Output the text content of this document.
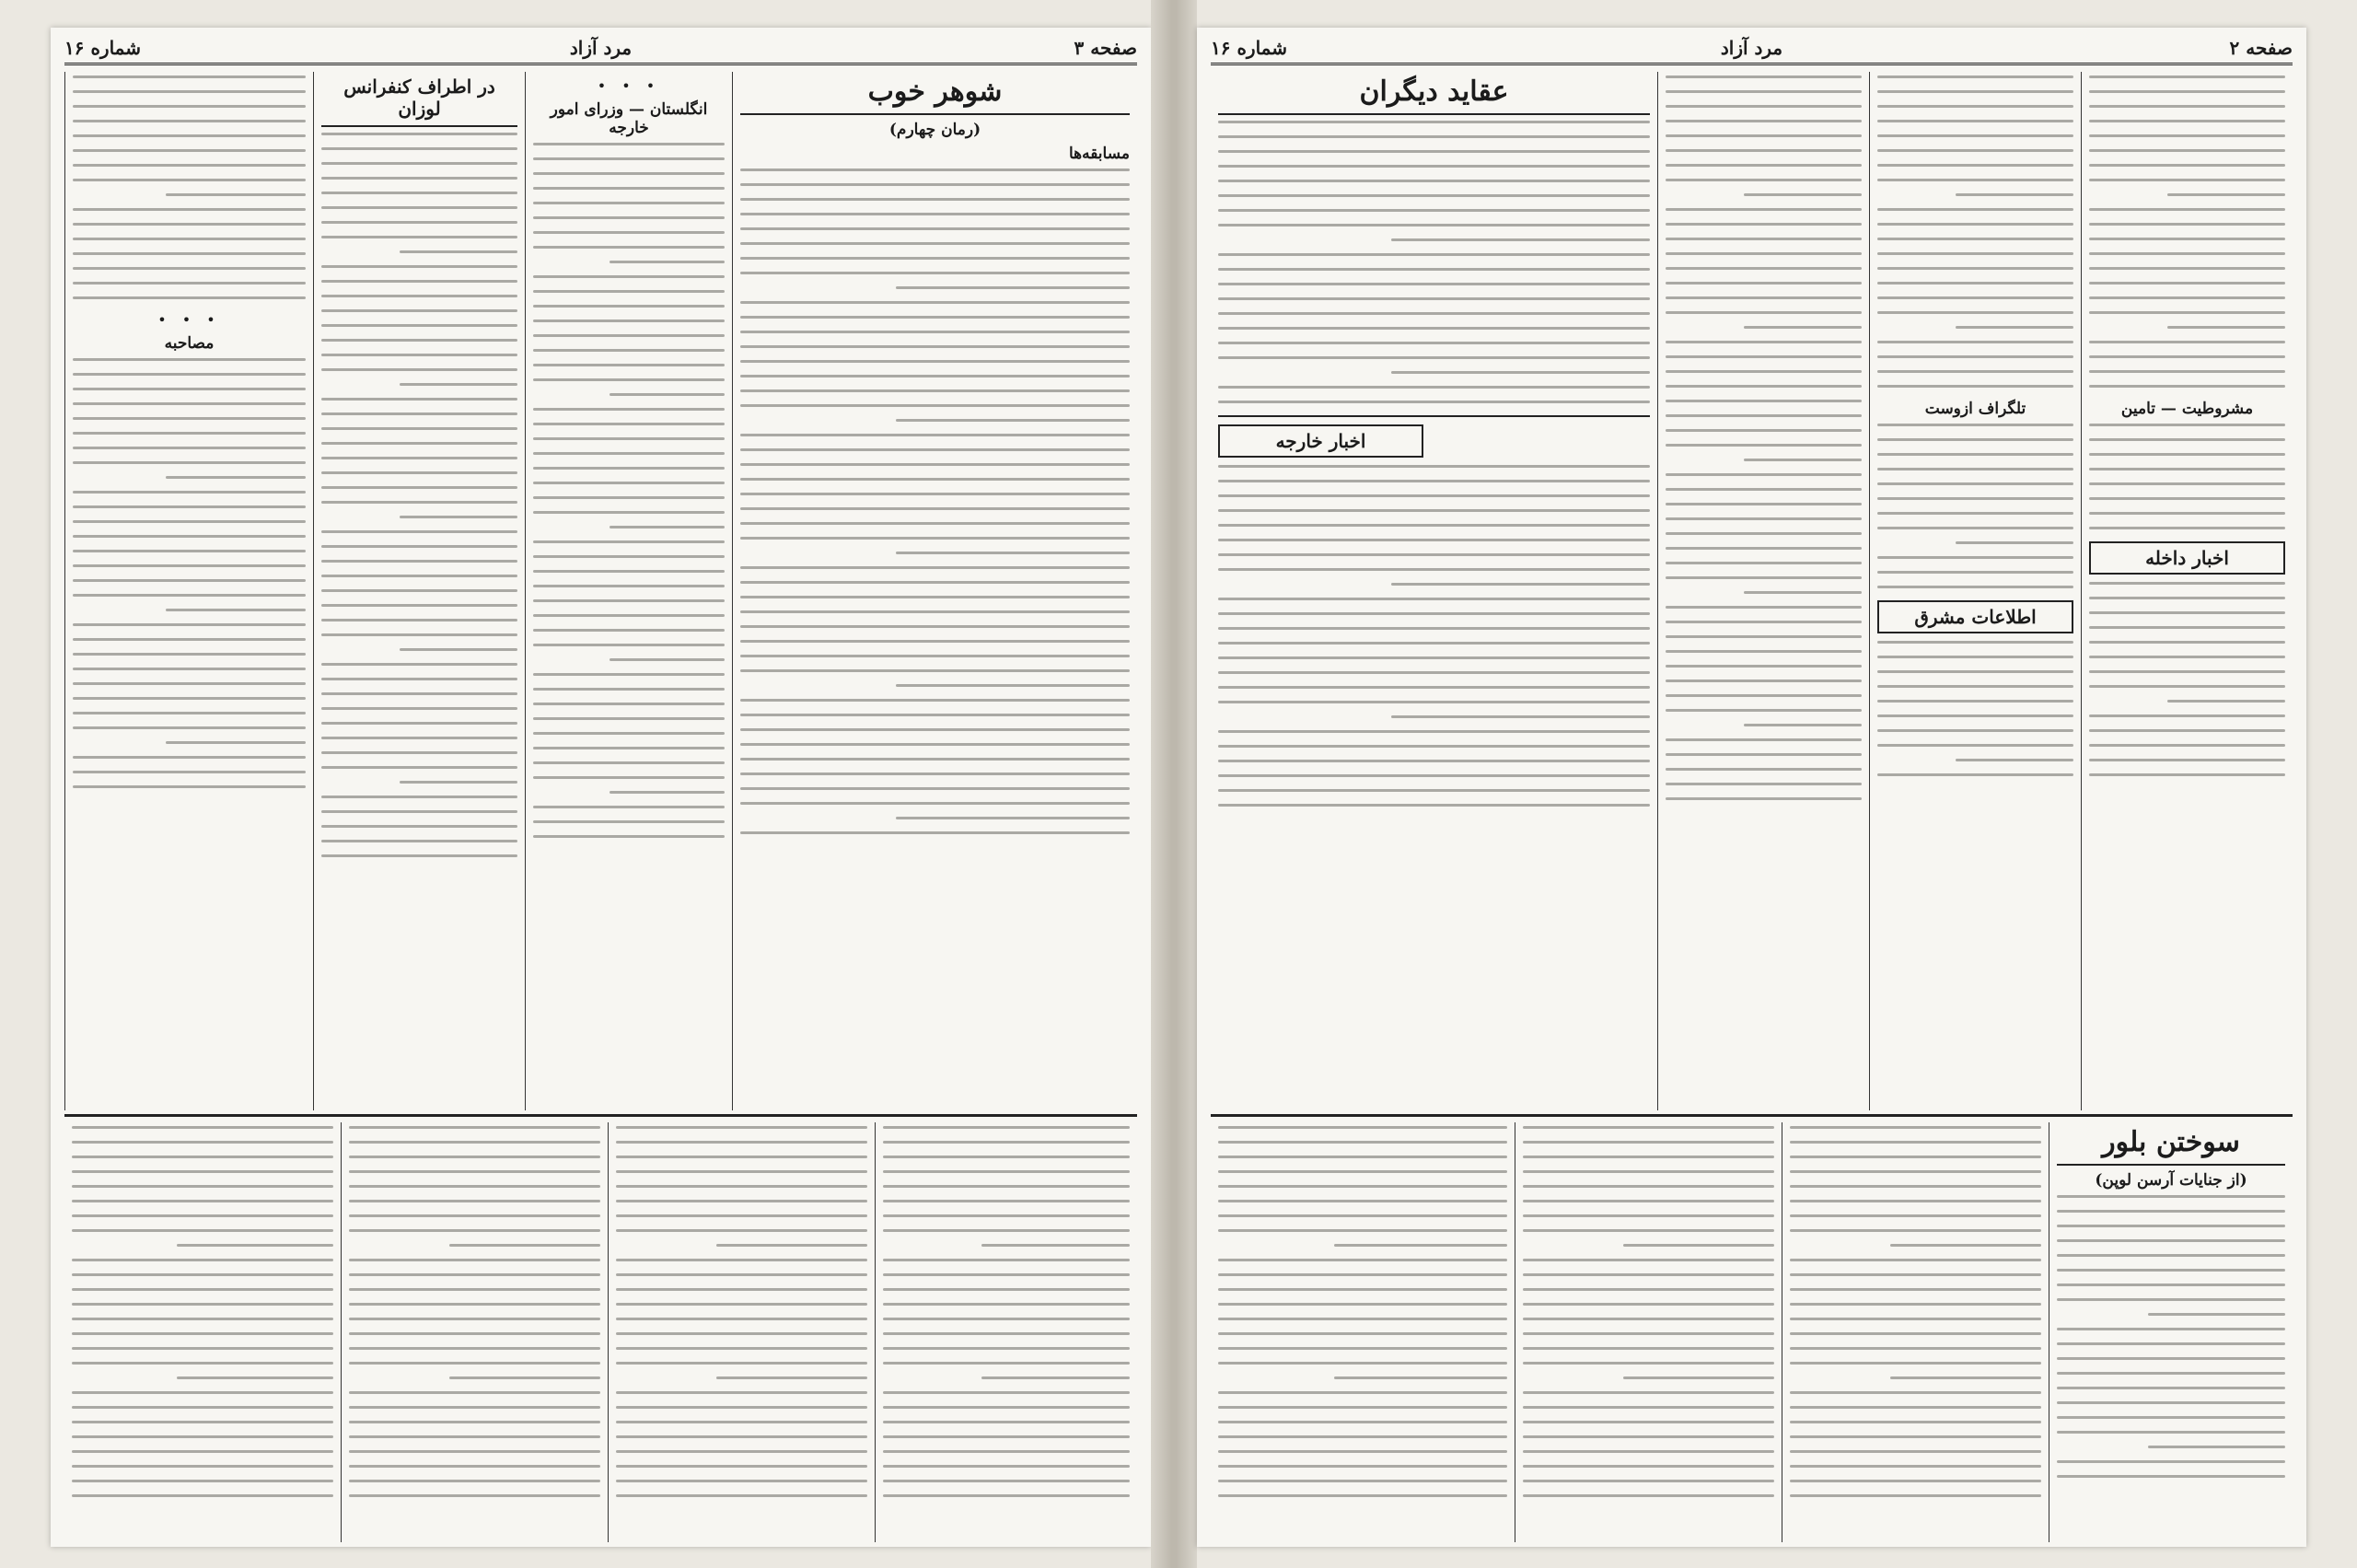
صفحه ۳
مرد آزاد
شماره ۱۶
شوهر خوب
(رمان چهارم)
مسابقه‌ها
• • •
انگلستان — وزرای امور خارجه
در اطراف کنفرانس لوزان
• • •
مصاحبه
صفحه ۲
مرد آزاد
شماره ۱۶
مشروطیت — تامین
اخبار داخله
تلگراف ازوست
اطلاعات مشرق
عقاید دیگران
اخبار خارجه
سوختن بلور
(از جنایات آرسن لوپن)
